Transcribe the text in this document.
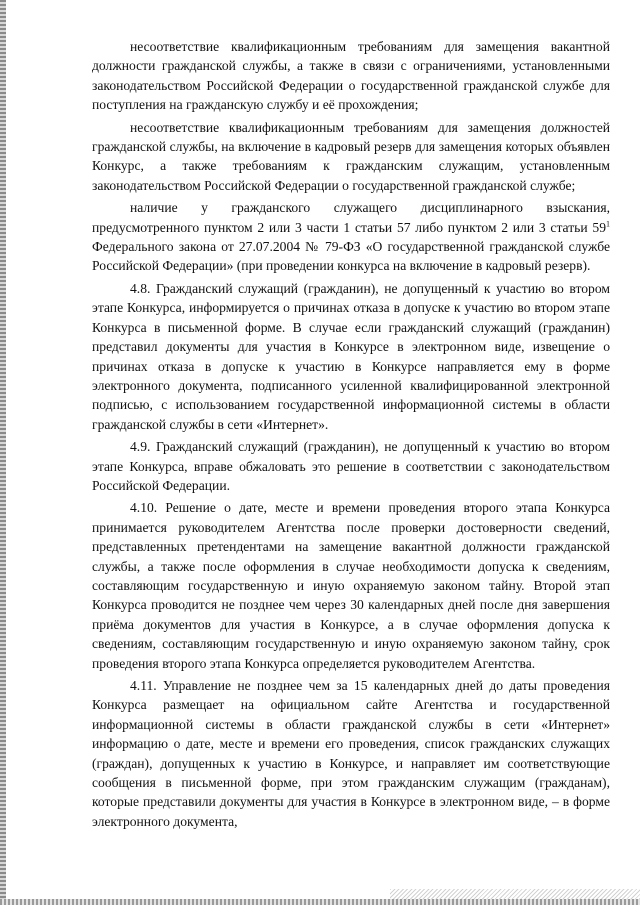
несоответствие квалификационным требованиям для замещения вакантной должности гражданской службы, а также в связи с ограничениями, установленными законодательством Российской Федерации о государственной гражданской службе для поступления на гражданскую службу и её прохождения;

несоответствие квалификационным требованиям для замещения должностей гражданской службы, на включение в кадровый резерв для замещения которых объявлен Конкурс, а также требованиям к гражданским служащим, установленным законодательством Российской Федерации о государственной гражданской службе;

наличие у гражданского служащего дисциплинарного взыскания, предусмотренного пунктом 2 или 3 части 1 статьи 57 либо пунктом 2 или 3 статьи $59^1$ Федерального закона от 27.07.2004 № 79-ФЗ «О государственной гражданской службе Российской Федерации» (при проведении конкурса на включение в кадровый резерв).

4.8. Гражданский служащий (гражданин), не допущенный к участию во втором этапе Конкурса, информируется о причинах отказа в допуске к участию во втором этапе Конкурса в письменной форме. В случае если гражданский служащий (гражданин) представил документы для участия в Конкурсе в электронном виде, извещение о причинах отказа в допуске к участию в Конкурсе направляется ему в форме электронного документа, подписанного усиленной квалифицированной электронной подписью, с использованием государственной информационной системы в области гражданской службы в сети «Интернет».

4.9. Гражданский служащий (гражданин), не допущенный к участию во втором этапе Конкурса, вправе обжаловать это решение в соответствии с законодательством Российской Федерации.

4.10. Решение о дате, месте и времени проведения второго этапа Конкурса принимается руководителем Агентства после проверки достоверности сведений, представленных претендентами на замещение вакантной должности гражданской службы, а также после оформления в случае необходимости допуска к сведениям, составляющим государственную и иную охраняемую законом тайну. Второй этап Конкурса проводится не позднее чем через 30 календарных дней после дня завершения приёма документов для участия в Конкурсе, а в случае оформления допуска к сведениям, составляющим государственную и иную охраняемую законом тайну, срок проведения второго этапа Конкурса определяется руководителем Агентства.

4.11. Управление не позднее чем за 15 календарных дней до даты проведения Конкурса размещает на официальном сайте Агентства и государственной информационной системы в области гражданской службы в сети «Интернет» информацию о дате, месте и времени его проведения, список гражданских служащих (граждан), допущенных к участию в Конкурсе, и направляет им соответствующие сообщения в письменной форме, при этом гражданским служащим (гражданам), которые представили документы для участия в Конкурсе в электронном виде, – в форме электронного документа,
